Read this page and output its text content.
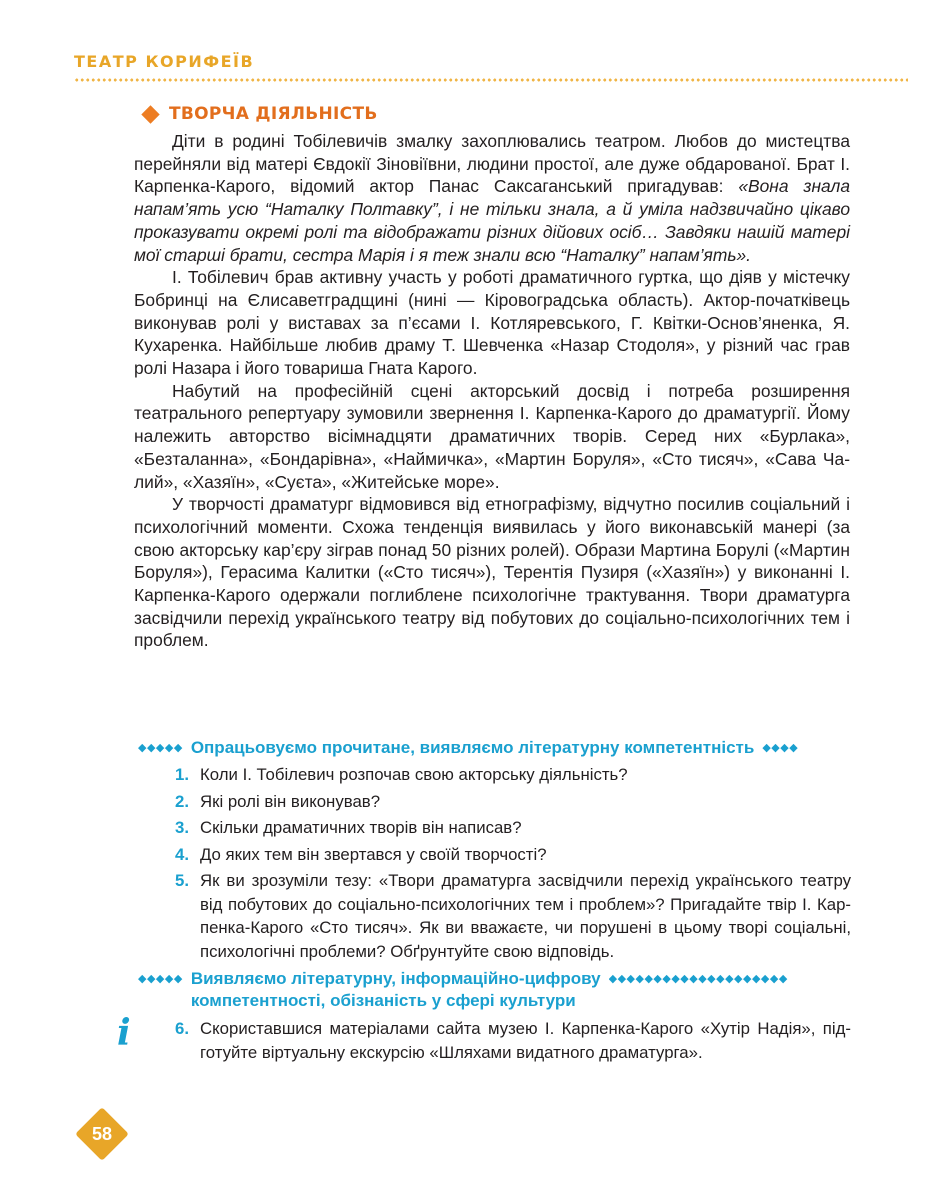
ТЕАТР КОРИФЕЇВ
ТВОРЧА ДІЯЛЬНІСТЬ

Діти в родині Тобілевичів змалку захоплювались театром. Любов до мистецтва перейняли від матері Євдокії Зіновіївни, людини простої, але дуже обдарованої. Брат І. Карпенка-Карого, відомий актор Панас Саксаганський пригадував: «Вона знала напам’ять усю “Наталку Полтавку”, і не тільки знала, а й уміла надзвичайно цікаво проказувати окремі ролі та відображати різних дійових осіб… Завдяки нашій матері мої старші брати, сестра Марія і я теж знали всю “Наталку” напам’ять».

І. Тобілевич брав активну участь у роботі драматичного гуртка, що діяв у містечку Бобринці на Єлисаветградщині (нині — Кіровоградська область). Актор-початківець виконував ролі у виставах за п’єсами І. Котляревського, Г. Квітки-Основ’яненка, Я. Кухаренка. Найбільше любив драму Т. Шевченка «Назар Стодоля», у різний час грав ролі Назара і його товариша Гната Карого.

Набутий на професійній сцені акторський досвід і потреба розширення театрального репертуару зумовили звернення І. Карпенка-Карого до драматургії. Йому належить авторство вісімнадцяти драматичних творів. Серед них «Бурлака», «Безталанна», «Бондарівна», «Наймичка», «Мартин Боруля», «Сто тисяч», «Сава Чалий», «Хазяїн», «Суєта», «Житейське море».

У творчості драматург відмовився від етнографізму, відчутно посилив соціальний і психологічний моменти. Схожа тенденція виявилась у його виконавській манері (за свою акторську кар’єру зіграв понад 50 різних ролей). Образи Мартина Борулі («Мартин Боруля»), Герасима Калитки («Сто тисяч»), Терентія Пузиря («Хазяїн») у виконанні І. Карпенка-Карого одержали поглиблене психологічне трактування. Твори драматурга засвідчили перехід українського театру від побутових до соціально-психологічних тем і проблем.

◆◆◆◆◆ Опрацьовуємо прочитане, виявляємо літературну компетентність ◆◆◆◆
1. Коли І. Тобілевич розпочав свою акторську діяльність?
2. Які ролі він виконував?
3. Скільки драматичних творів він написав?
4. До яких тем він звертався у своїй творчості?
5. Як ви зрозуміли тезу: «Твори драматурга засвідчили перехід українського театру від побутових до соціально-психологічних тем і проблем»? Пригадайте твір І. Карпенка-Карого «Сто тисяч». Як ви вважаєте, чи порушені в цьому творі соціальні, психологічні проблеми? Обґрунтуйте свою відповідь.
◆◆◆◆◆ Виявляємо літературну, інформаційно-цифрову ◆◆◆◆◆◆◆◆◆◆◆◆◆◆◆◆◆◆◆◆
компетентності, обізнаність у сфері культури
i	6. Скориставшися матеріалами сайта музею І. Карпенка-Карого «Хутір Надія», підготуйте віртуальну екскурсію «Шляхами видатного драматурга».
58
